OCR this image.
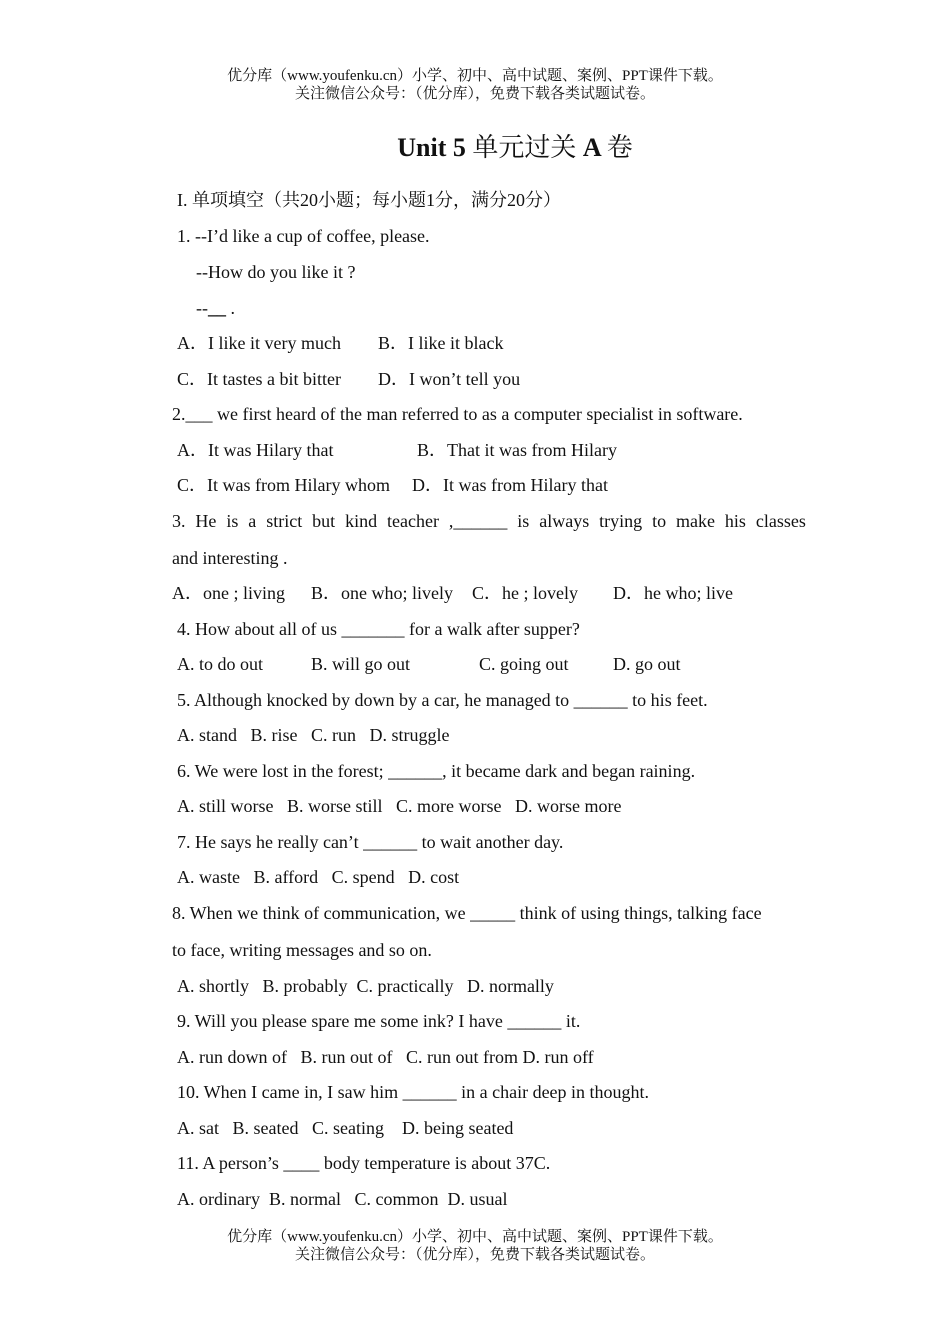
优分库（www.youfenku.cn）小学、初中、高中试题、案例、PPT课件下载。
关注微信公众号：（优分库），免费下载各类试题试卷。
Unit 5 单元过关 A 卷
I. 单项填空（共20小题；每小题1分，满分20分）
1. --I’d like a cup of coffee, please.
--How do you like it ?
--__ .
A．I like it very much B．I like it black
C．It tastes a bit bitter D．I won’t tell you
2.___ we first heard of the man referred to as a computer specialist in software.
A．It was Hilary that	B．That it was from Hilary
C．It was from Hilary whom D．It was from Hilary that
3. He is a strict but kind teacher ,______ is always trying to make his classes
and interesting .
A．one ; living B．one who; lively C．he ; lovely D．he who; live
4. How about all of us _______ for a walk after supper?
A. to do out	B. will go out	C. going out D. go out
5. Although knocked by down by a car, he managed to ______ to his feet.
A. stand   B. rise   C. run   D. struggle
6. We were lost in the forest; ______, it became dark and began raining.
A. still worse   B. worse still   C. more worse   D. worse more
7. He says he really can’t ______ to wait another day.
A. waste   B. afford   C. spend   D. cost
8. When we think of communication, we _____ think of using things, talking face
to face, writing messages and so on.
A. shortly   B. probably  C. practically   D. normally
9. Will you please spare me some ink? I have ______ it.
A. run down of   B. run out of   C. run out from D. run off
10. When I came in, I saw him ______ in a chair deep in thought.
A. sat   B. seated   C. seating    D. being seated
11. A person’s ____ body temperature is about 37C.
A. ordinary  B. normal   C. common  D. usual
优分库（www.youfenku.cn）小学、初中、高中试题、案例、PPT课件下载。
关注微信公众号：（优分库），免费下载各类试题试卷。
